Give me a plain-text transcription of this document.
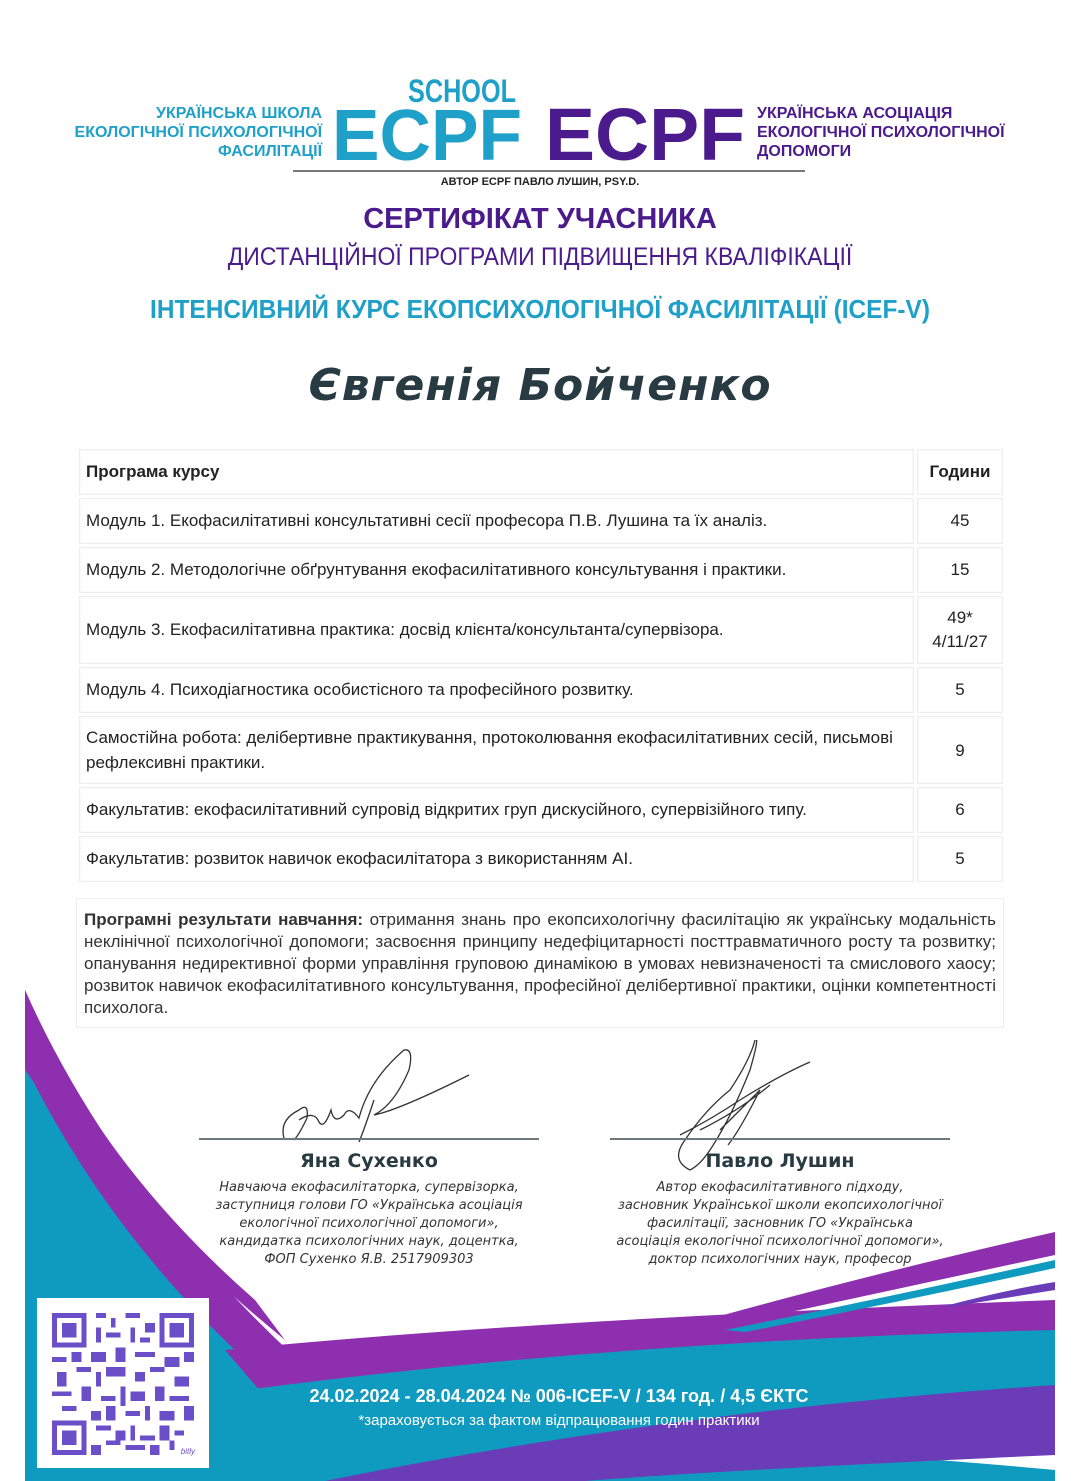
УКРАЇНСЬКА ШКОЛА
ЕКОЛОГІЧНОЇ ПСИХОЛОГІЧНОЇ
ФАСИЛІТАЦІЇ
SCHOOL
ECPF ECPF УКРАЇНСЬКА АСОЦІАЦІЯ
ЕКОЛОГІЧНОЇ ПСИХОЛОГІЧНОЇ
ДОПОМОГИ
АВТОР ECPF ПАВЛО ЛУШИН, PSY.D.
СЕРТИФІКАТ УЧАСНИКА
ДИСТАНЦІЙНОЇ ПРОГРАМИ ПІДВИЩЕННЯ КВАЛІФІКАЦІЇ
ІНТЕНСИВНИЙ КУРС ЕКОПСИХОЛОГІЧНОЇ ФАСИЛІТАЦІЇ (ICEF-V)
Євгенія Бойченко
Програма курсу	Години
Модуль 1. Екофасилітативні консультативні сесії професора П.В. Лушина та їх аналіз.	45
Модуль 2. Методологічне обґрунтування екофасилітативного консультування і практики.	15
Модуль 3. Екофасилітативна практика: досвід клієнта/консультанта/супервізора.	49*
4/11/27

Модуль 4. Психодіагностика особистісного та професійного розвитку.	5
Самостійна робота: делібертивне практикування, протоколювання екофасилітативних сесій, письмові рефлексивні практики.	9
Факультатив: екофасилітативний супровід відкритих груп дискусійного, супервізійного типу.	6
Факультатив: розвиток навичок екофасилітатора з використанням AI.	5
Програмні результати навчання: отримання знань про екопсихологічну фасилітацію як українську модальність неклінічної психологічної допомоги; засвоєння принципу недефіцитарності посттравматичного росту та розвитку; опанування недирективної форми управління груповою динамікою в умовах невизначеності та смислового хаосу; розвиток навичок екофасилітативного консультування, професійної делібертивної практики, оцінки компетентності психолога.
Яна Сухенко
Навчаюча екофасилітаторка, супервізорка,
заступниця голови ГО «Українська асоціація
екологічної психологічної допомоги»,
кандидатка психологічних наук, доцентка,
ФОП Сухенко Я.В. 2517909303
Павло Лушин
Автор екофасилітативного підходу,
засновник Української школи екопсихологічної
фасилітації, засновник ГО «Українська
асоціація екологічної психологічної допомоги»,
доктор психологічних наук, професор
bitly
24.02.2024 - 28.04.2024 № 006-ICEF-V / 134 год. / 4,5 ЄКТС
*зараховується за фактом відпрацювання годин практики
